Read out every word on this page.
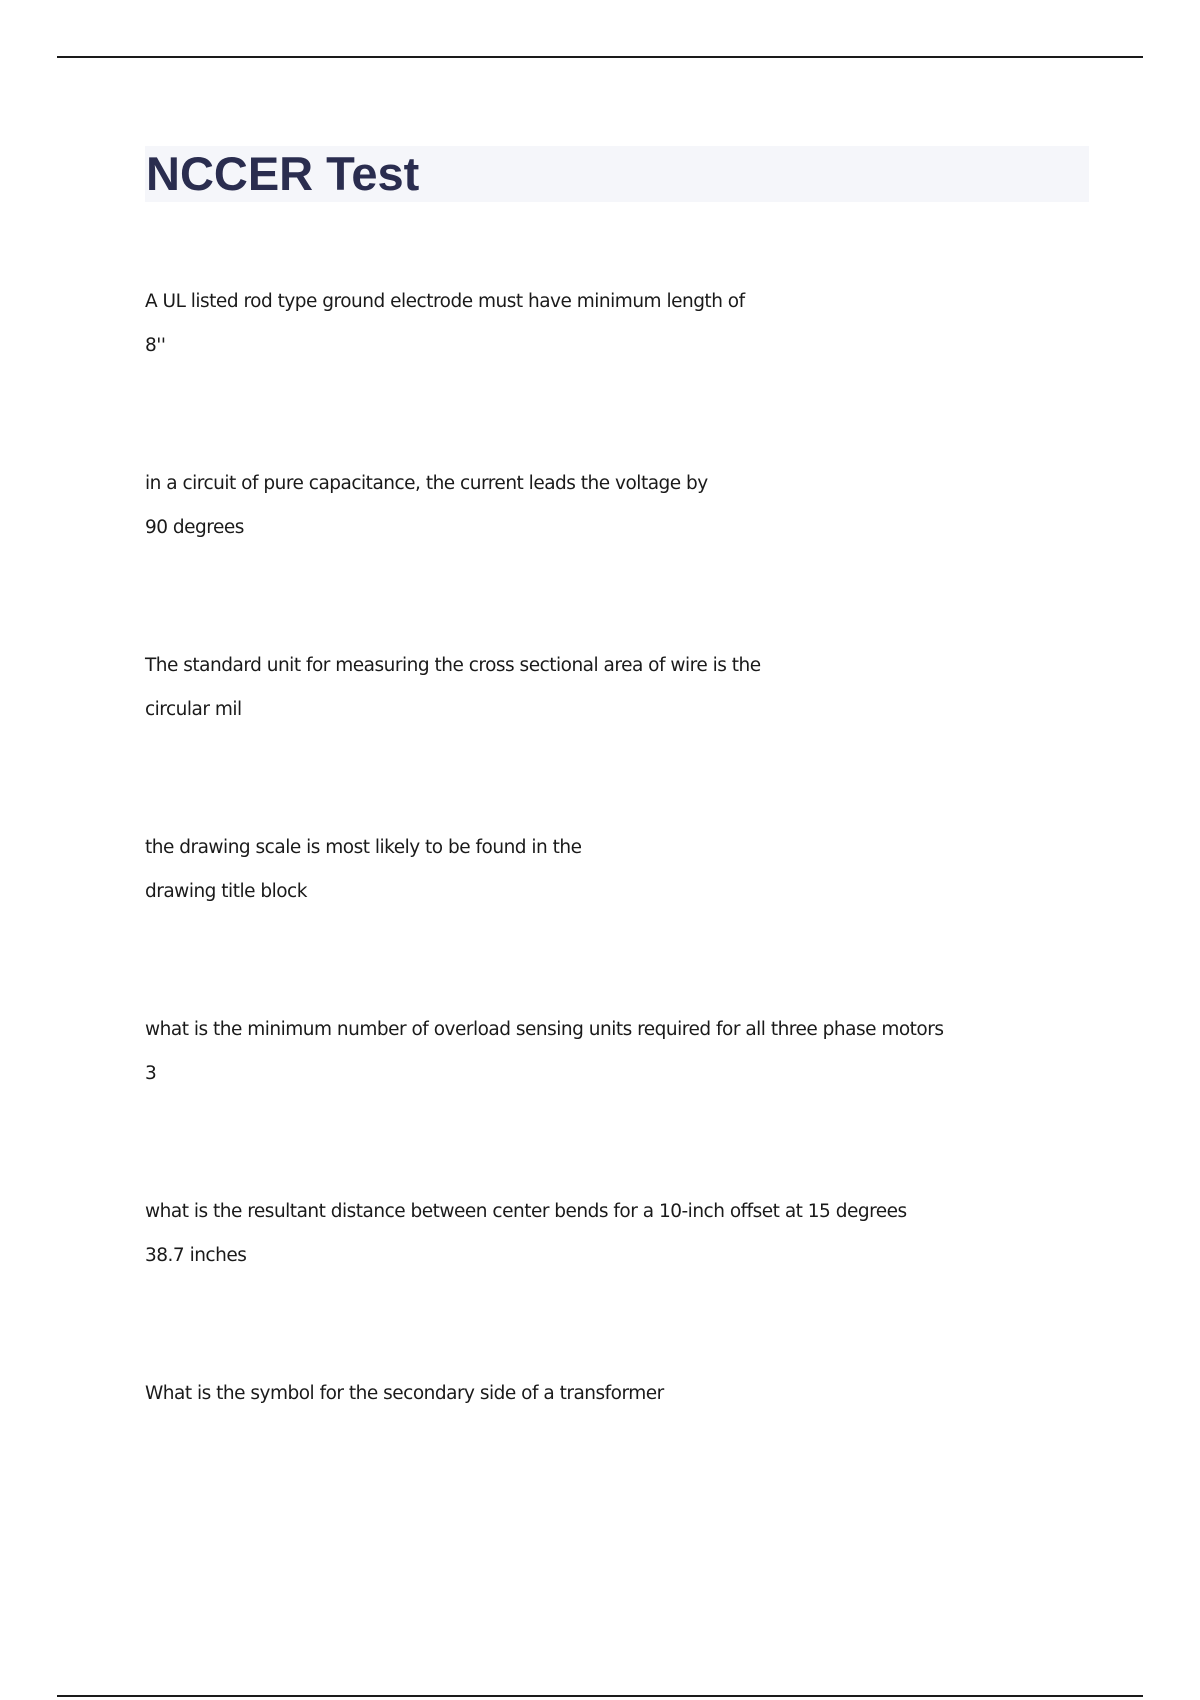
NCCER Test

A UL listed rod type ground electrode must have minimum length of

8''

in a circuit of pure capacitance, the current leads the voltage by

90 degrees

The standard unit for measuring the cross sectional area of wire is the

circular mil

the drawing scale is most likely to be found in the

drawing title block

what is the minimum number of overload sensing units required for all three phase motors

3

what is the resultant distance between center bends for a 10-inch offset at 15 degrees

38.7 inches

What is the symbol for the secondary side of a transformer
